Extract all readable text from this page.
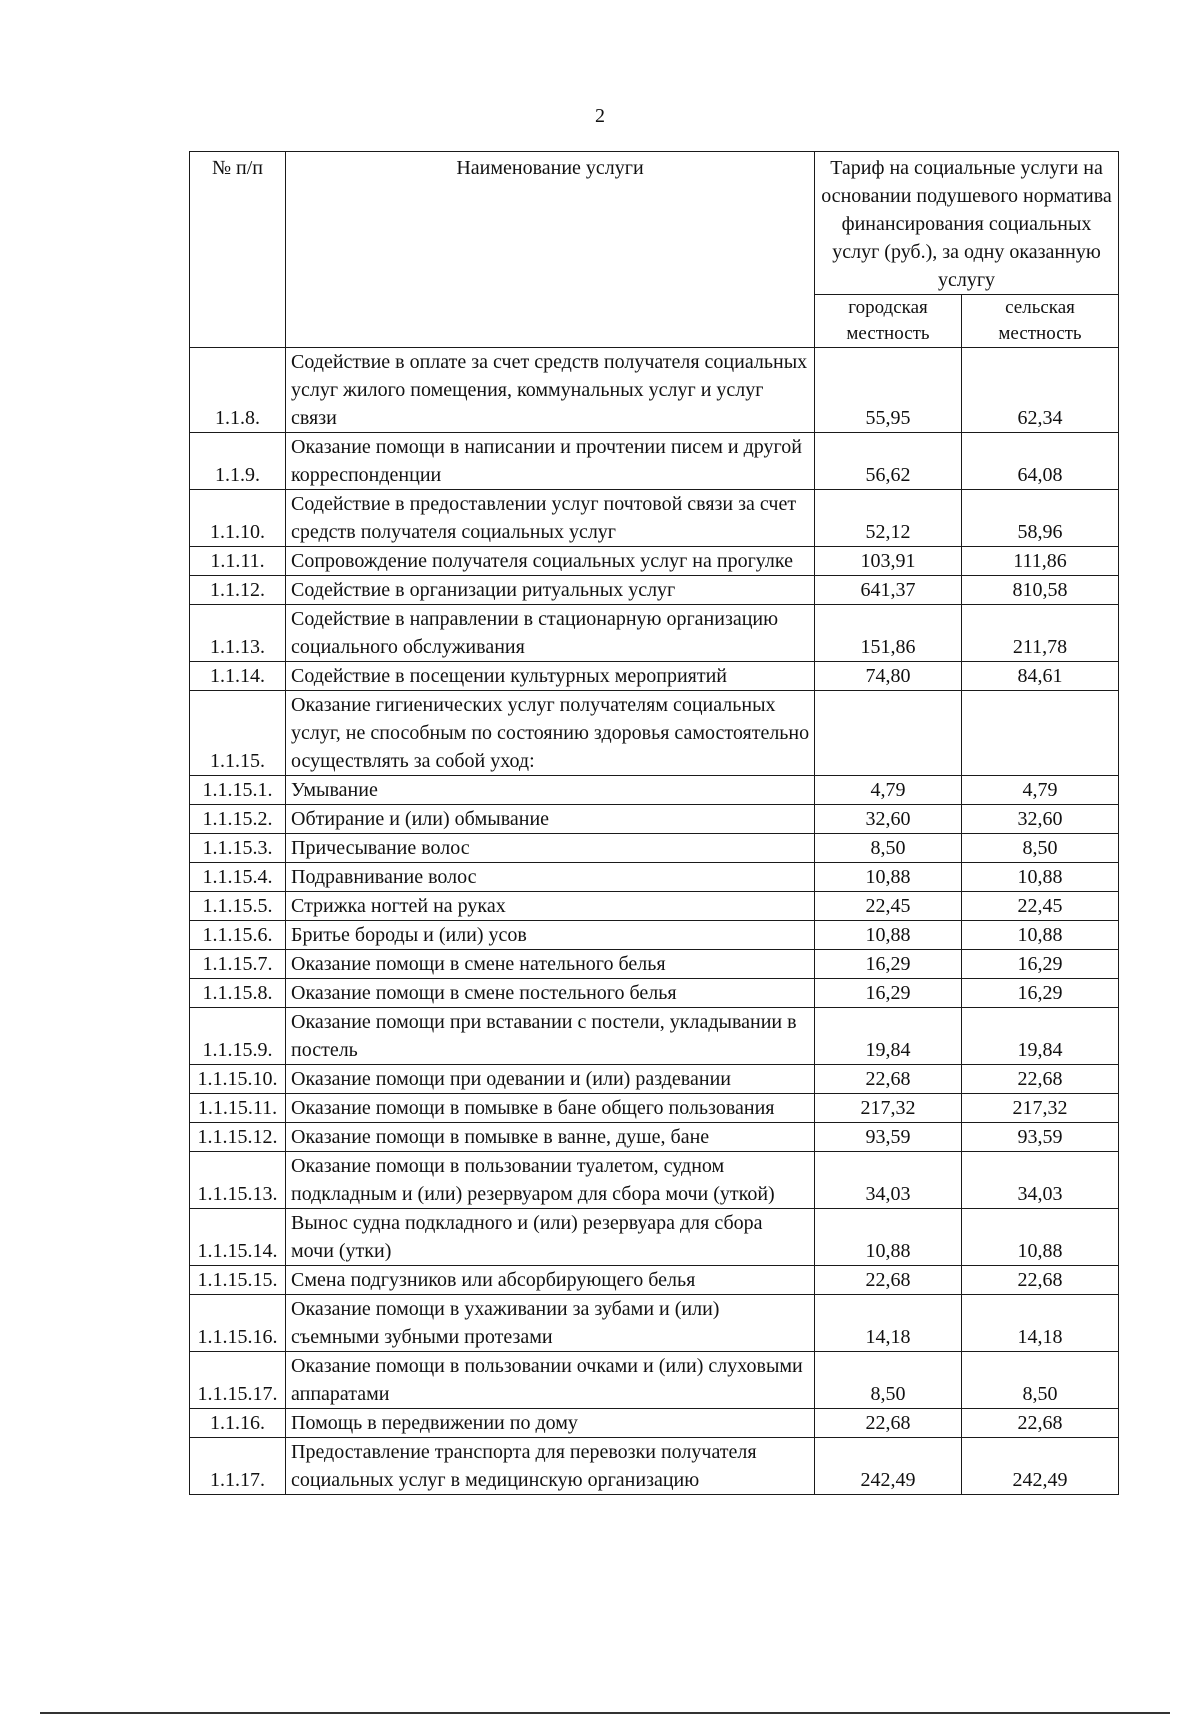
2
№ п/п	Наименование услуги	Тариф на социальные услуги на основании подушевого норматива финансирования социальных услуг (руб.), за одну оказанную услугу	
		городская местность	сельская местность
1.1.8.	Содействие в оплате за счет средств получателя социальных услуг жилого помещения, коммунальных услуг и услуг связи	55,95	62,34
1.1.9.	Оказание помощи в написании и прочтении писем и другой корреспонденции	56,62	64,08
1.1.10.	Содействие в предоставлении услуг почтовой связи за счет средств получателя социальных услуг	52,12	58,96
1.1.11.	Сопровождение получателя социальных услуг на прогулке	103,91	111,86
1.1.12.	Содействие в организации ритуальных услуг	641,37	810,58
1.1.13.	Содействие в направлении в стационарную организацию социального обслуживания	151,86	211,78
1.1.14.	Содействие в посещении культурных мероприятий	74,80	84,61
1.1.15.	Оказание гигиенических услуг получателям социальных услуг, не способным по состоянию здоровья самостоятельно осуществлять за собой уход:		
1.1.15.1.	Умывание	4,79	4,79
1.1.15.2.	Обтирание и (или) обмывание	32,60	32,60
1.1.15.3.	Причесывание волос	8,50	8,50
1.1.15.4.	Подравнивание волос	10,88	10,88
1.1.15.5.	Стрижка ногтей на руках	22,45	22,45
1.1.15.6.	Бритье бороды и (или) усов	10,88	10,88
1.1.15.7.	Оказание помощи в смене нательного белья	16,29	16,29
1.1.15.8.	Оказание помощи в смене постельного белья	16,29	16,29
1.1.15.9.	Оказание помощи при вставании с постели, укладывании в постель	19,84	19,84
1.1.15.10.	Оказание помощи при одевании и (или) раздевании	22,68	22,68
1.1.15.11.	Оказание помощи в помывке в бане общего пользования	217,32	217,32
1.1.15.12.	Оказание помощи в помывке в ванне, душе, бане	93,59	93,59
1.1.15.13.	Оказание помощи в пользовании туалетом, судном подкладным и (или) резервуаром для сбора мочи (уткой)	34,03	34,03
1.1.15.14.	Вынос судна подкладного и (или) резервуара для сбора мочи (утки)	10,88	10,88
1.1.15.15.	Смена подгузников или абсорбирующего белья	22,68	22,68
1.1.15.16.	Оказание помощи в ухаживании за зубами и (или) съемными зубными протезами	14,18	14,18
1.1.15.17.	Оказание помощи в пользовании очками и (или) слуховыми аппаратами	8,50	8,50
1.1.16.	Помощь в передвижении по дому	22,68	22,68
1.1.17.	Предоставление транспорта для перевозки получателя социальных услуг в медицинскую организацию	242,49	242,49
